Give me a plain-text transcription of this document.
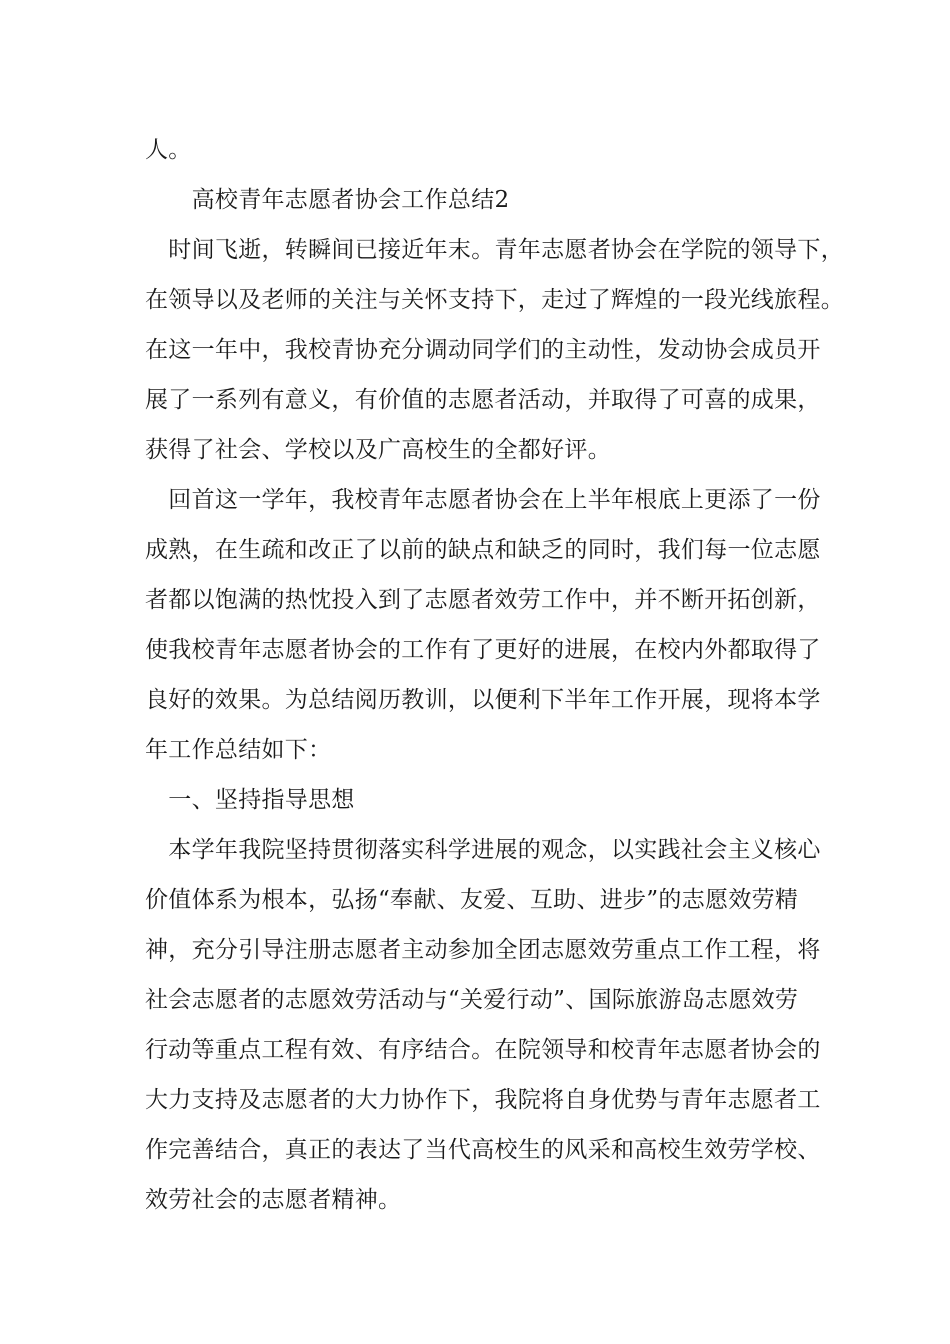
人。
　　高校青年志愿者协会工作总结2
　时间飞逝，转瞬间已接近年末。青年志愿者协会在学院的领导下，
在领导以及老师的关注与关怀支持下，走过了辉煌的一段光线旅程。
在这一年中，我校青协充分调动同学们的主动性，发动协会成员开
展了一系列有意义，有价值的志愿者活动，并取得了可喜的成果，
获得了社会、学校以及广高校生的全都好评。
　回首这一学年，我校青年志愿者协会在上半年根底上更添了一份
成熟，在生疏和改正了以前的缺点和缺乏的同时，我们每一位志愿
者都以饱满的热忱投入到了志愿者效劳工作中，并不断开拓创新，
使我校青年志愿者协会的工作有了更好的进展，在校内外都取得了
良好的效果。为总结阅历教训，以便利下半年工作开展，现将本学
年工作总结如下：
　一、坚持指导思想
　本学年我院坚持贯彻落实科学进展的观念，以实践社会主义核心
价值体系为根本，弘扬“奉献、友爱、互助、进步”的志愿效劳精
神，充分引导注册志愿者主动参加全团志愿效劳重点工作工程，将
社会志愿者的志愿效劳活动与“关爱行动”、国际旅游岛志愿效劳
行动等重点工程有效、有序结合。在院领导和校青年志愿者协会的
大力支持及志愿者的大力协作下，我院将自身优势与青年志愿者工
作完善结合，真正的表达了当代高校生的风采和高校生效劳学校、
效劳社会的志愿者精神。
